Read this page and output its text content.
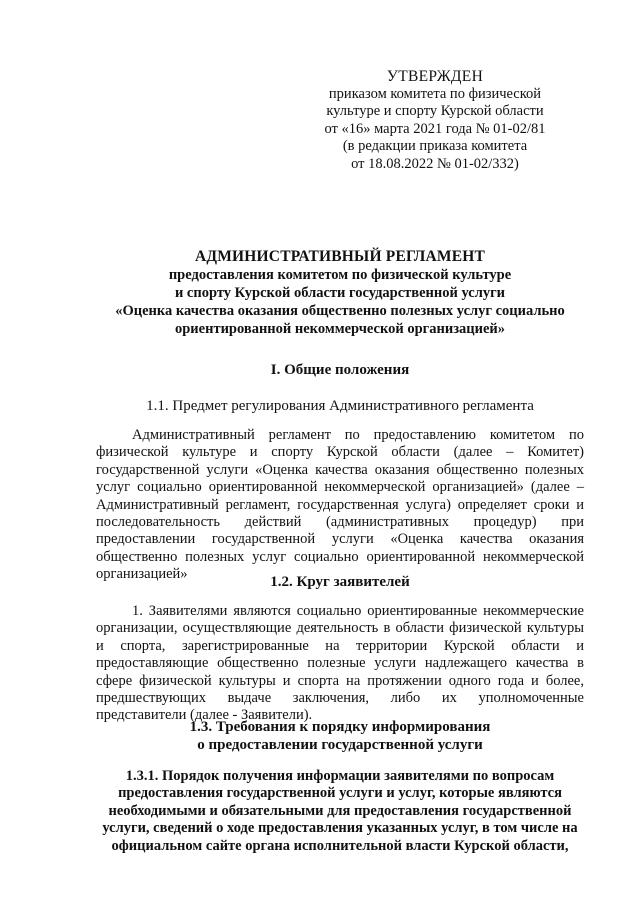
УТВЕРЖДЕН
приказом комитета по физической
культуре и спорту Курской области
от «16» марта 2021 года № 01-02/81
(в редакции приказа комитета
от 18.08.2022 № 01-02/332)
АДМИНИСТРАТИВНЫЙ РЕГЛАМЕНТ
предоставления комитетом по физической культуре
и спорту Курской области государственной услуги
«Оценка качества оказания общественно полезных услуг социально
ориентированной некоммерческой организацией»
I. Общие положения
1.1. Предмет регулирования Административного регламента
Административный регламент по предоставлению комитетом по физической культуре и спорту Курской области (далее – Комитет) государственной услуги «Оценка качества оказания общественно полезных услуг социально ориентированной некоммерческой организацией» (далее – Административный регламент, государственная услуга) определяет сроки и последовательность действий (административных процедур) при предоставлении государственной услуги «Оценка качества оказания общественно полезных услуг социально ориентированной некоммерческой организацией»	1.2. Круг заявителей
1. Заявителями являются социально ориентированные некоммерческие организации, осуществляющие деятельность в области физической культуры и спорта, зарегистрированные на территории Курской области и предоставляющие общественно полезные услуги надлежащего качества в сфере физической культуры и спорта на протяжении одного года и более, предшествующих выдаче заключения, либо их уполномоченные представители (далее - Заявители).
1.3. Требования к порядку информирования
о предоставлении государственной услуги
1.3.1. Порядок получения информации заявителями по вопросам предоставления государственной услуги и услуг, которые являются необходимыми и обязательными для предоставления государственной услуги, сведений о ходе предоставления указанных услуг, в том числе на официальном сайте органа исполнительной власти Курской области,
